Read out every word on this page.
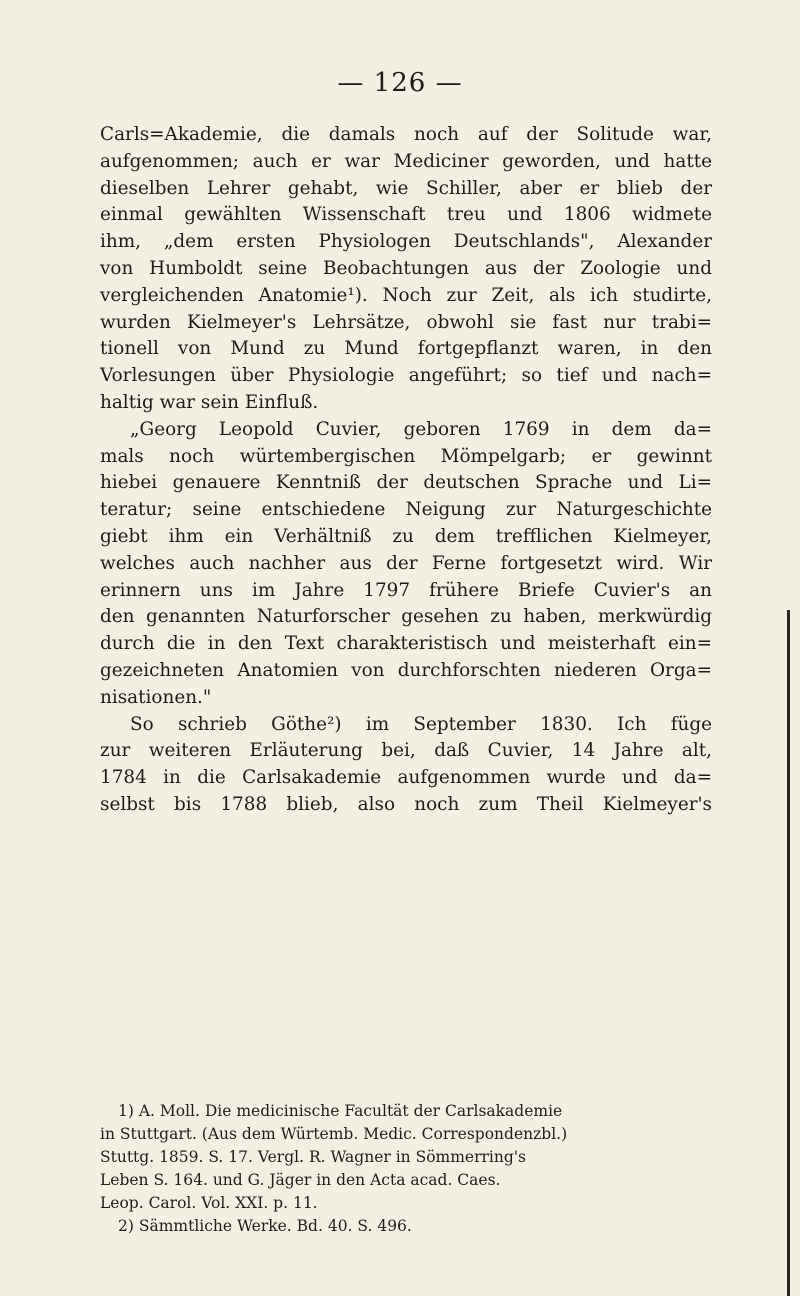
— 126 —
Carls=Akademie, die damals noch auf der Solitude war,
aufgenommen; auch er war Mediciner geworden, und hatte
dieselben Lehrer gehabt, wie Schiller, aber er blieb der
einmal gewählten Wissenschaft treu und 1806 widmete
ihm, „dem ersten Physiologen Deutschlands", Alexander
von Humboldt seine Beobachtungen aus der Zoologie und
vergleichenden Anatomie¹). Noch zur Zeit, als ich studirte,
wurden Kielmeyer's Lehrsätze, obwohl sie fast nur trabi=
tionell von Mund zu Mund fortgepflanzt waren, in den
Vorlesungen über Physiologie angeführt; so tief und nach=
haltig war sein Einfluß.
„Georg Leopold Cuvier, geboren 1769 in dem da=
mals noch würtembergischen Mömpelgarb; er gewinnt
hiebei genauere Kenntniß der deutschen Sprache und Li=
teratur; seine entschiedene Neigung zur Naturgeschichte
giebt ihm ein Verhältniß zu dem trefflichen Kielmeyer,
welches auch nachher aus der Ferne fortgesetzt wird. Wir
erinnern uns im Jahre 1797 frühere Briefe Cuvier's an
den genannten Naturforscher gesehen zu haben, merkwürdig
durch die in den Text charakteristisch und meisterhaft ein=
gezeichneten Anatomien von durchforschten niederen Orga=
nisationen."
So schrieb Göthe²) im September 1830. Ich füge
zur weiteren Erläuterung bei, daß Cuvier, 14 Jahre alt,
1784 in die Carlsakademie aufgenommen wurde und da=
selbst bis 1788 blieb, also noch zum Theil Kielmeyer's
1) A. Moll. Die medicinische Facultät der Carlsakademie
in Stuttgart. (Aus dem Würtemb. Medic. Correspondenzbl.)
Stuttg. 1859. S. 17. Vergl. R. Wagner in Sömmerring's
Leben S. 164. und G. Jäger in den Acta acad. Caes.
Leop. Carol. Vol. XXI. p. 11.
2) Sämmtliche Werke. Bd. 40. S. 496.
